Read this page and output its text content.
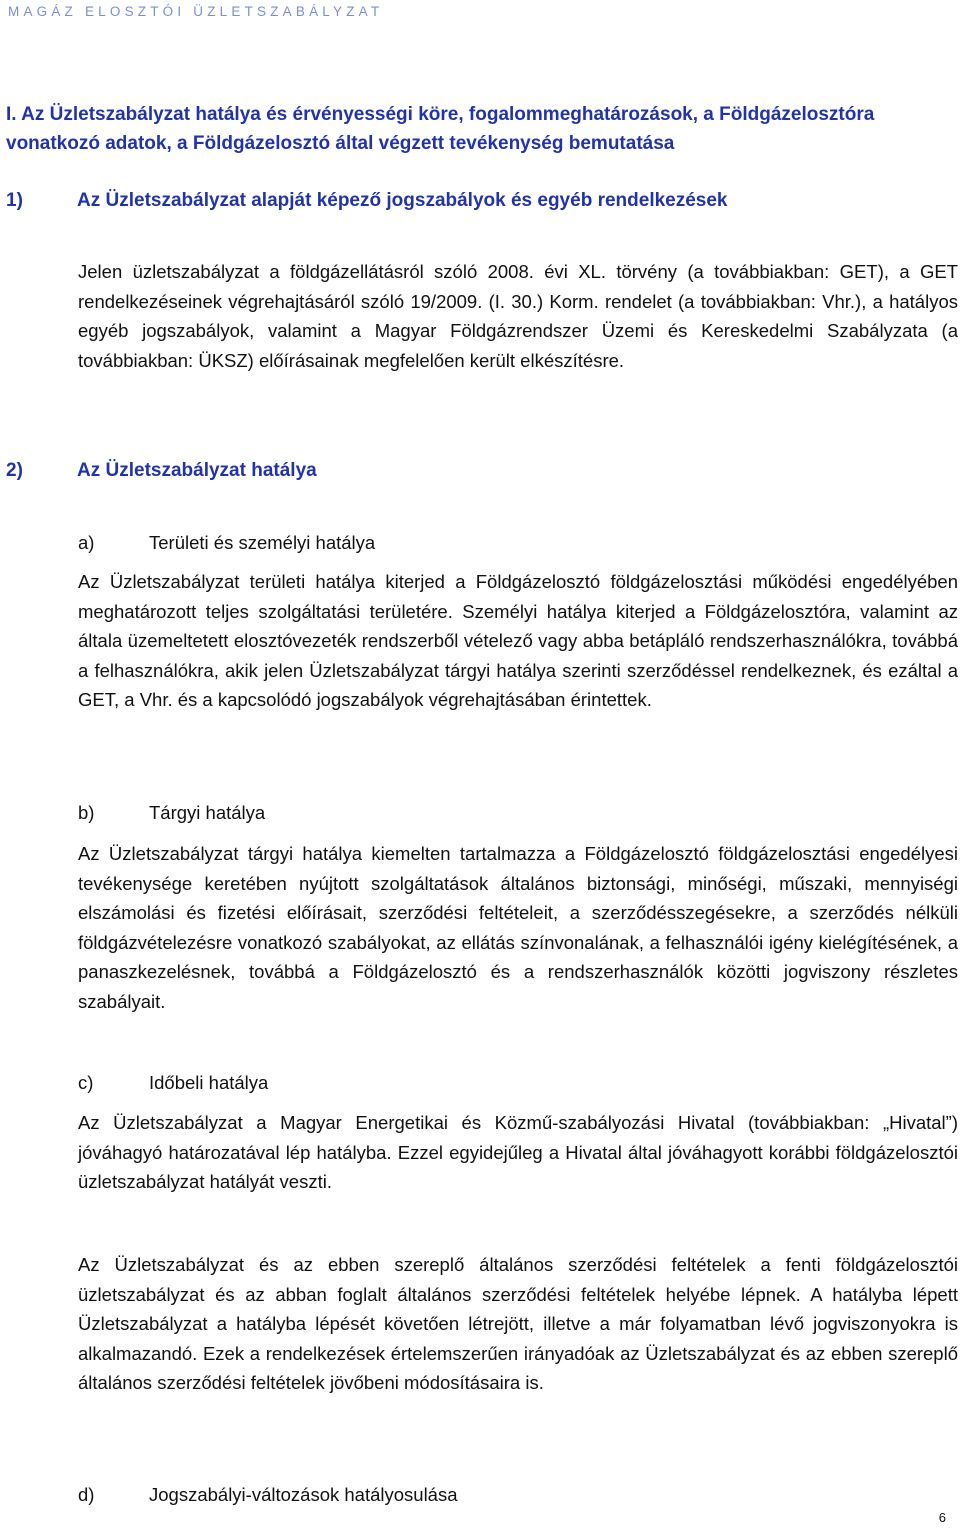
MAGÁZ ELOSZTÓI ÜZLETSZABÁLYZAT
I. Az Üzletszabályzat hatálya és érvényességi köre, fogalommeghatározások, a Földgázelosztóra vonatkozó adatok, a Földgázelosztó által végzett tevékenység bemutatása
1)	Az Üzletszabályzat alapját képező jogszabályok és egyéb rendelkezések

Jelen üzletszabályzat a földgázellátásról szóló 2008. évi XL. törvény (a továbbiakban: GET), a GET rendelkezéseinek végrehajtásáról szóló 19/2009. (I. 30.) Korm. rendelet (a továbbiakban: Vhr.), a hatályos egyéb jogszabályok, valamint a Magyar Földgázrendszer Üzemi és Kereskedelmi Szabályzata (a továbbiakban: ÜKSZ) előírásainak megfelelően került elkészítésre.

2)	Az Üzletszabályzat hatálya
a)	Területi és személyi hatálya

Az Üzletszabályzat területi hatálya kiterjed a Földgázelosztó földgázelosztási működési engedélyében meghatározott teljes szolgáltatási területére. Személyi hatálya kiterjed a Földgázelosztóra, valamint az általa üzemeltetett elosztóvezeték rendszerből vételező vagy abba betápláló rendszerhasználókra, továbbá a felhasználókra, akik jelen Üzletszabályzat tárgyi hatálya szerinti szerződéssel rendelkeznek, és ezáltal a GET, a Vhr. és a kapcsolódó jogszabályok végrehajtásában érintettek.

b)	Tárgyi hatálya

Az Üzletszabályzat tárgyi hatálya kiemelten tartalmazza a Földgázelosztó földgázelosztási engedélyesi tevékenysége keretében nyújtott szolgáltatások általános biztonsági, minőségi, műszaki, mennyiségi elszámolási és fizetési előírásait, szerződési feltételeit, a szerződésszegésekre, a szerződés nélküli földgázvételezésre vonatkozó szabályokat, az ellátás színvonalának, a felhasználói igény kielégítésének, a panaszkezelésnek, továbbá a Földgázelosztó és a rendszerhasználók közötti jogviszony részletes szabályait.

c)	Időbeli hatálya

Az Üzletszabályzat a Magyar Energetikai és Közmű-szabályozási Hivatal (továbbiakban: „Hivatal”) jóváhagyó határozatával lép hatályba. Ezzel egyidejűleg a Hivatal által jóváhagyott korábbi földgázelosztói üzletszabályzat hatályát veszti.

Az Üzletszabályzat és az ebben szereplő általános szerződési feltételek a fenti földgázelosztói üzletszabályzat és az abban foglalt általános szerződési feltételek helyébe lépnek. A hatályba lépett Üzletszabályzat a hatályba lépését követően létrejött, illetve a már folyamatban lévő jogviszonyokra is alkalmazandó. Ezek a rendelkezések értelemszerűen irányadóak az Üzletszabályzat és az ebben szereplő általános szerződési feltételek jövőbeni módosításaira is.

d)	Jogszabályi-változások hatályosulása
6
